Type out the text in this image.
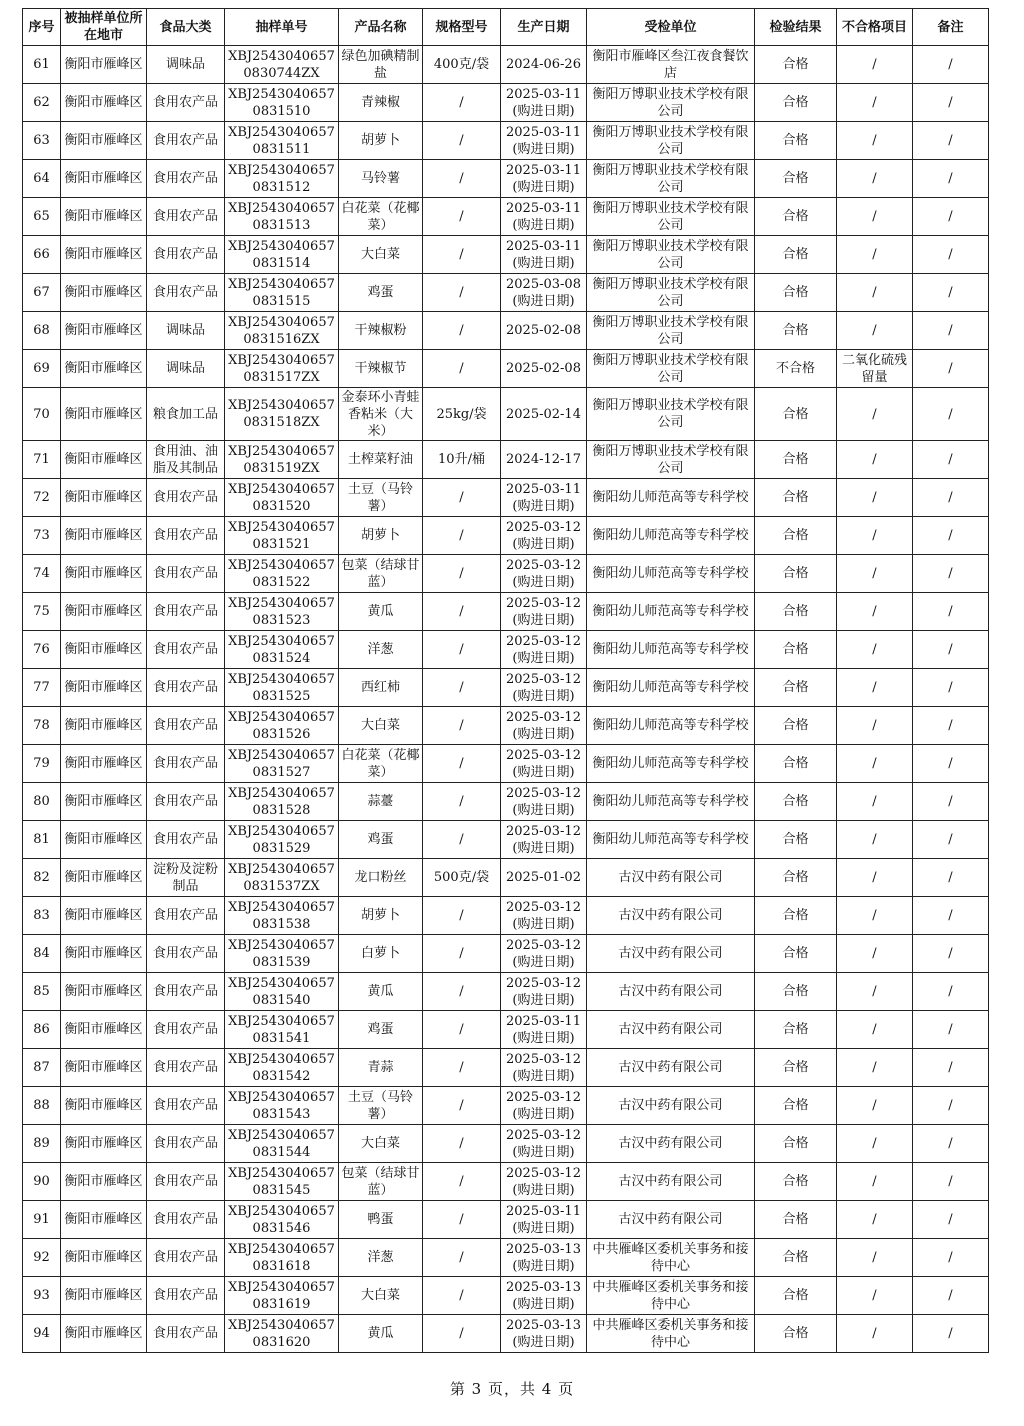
序号	被抽样单位所在地市	食品大类	抽样单号	产品名称	规格型号	生产日期	受检单位	检验结果	不合格项目	备注
61	衡阳市雁峰区	调味品	XBJ25430406570830744ZX	绿色加碘精制盐	400克/袋	2024-06-26	衡阳市雁峰区叁江夜食餐饮店	合格	/	/
62	衡阳市雁峰区	食用农产品	XBJ25430406570831510	青辣椒	/	2025-03-11(购进日期)	衡阳万博职业技术学校有限公司	合格	/	/
63	衡阳市雁峰区	食用农产品	XBJ25430406570831511	胡萝卜	/	2025-03-11(购进日期)	衡阳万博职业技术学校有限公司	合格	/	/
64	衡阳市雁峰区	食用农产品	XBJ25430406570831512	马铃薯	/	2025-03-11(购进日期)	衡阳万博职业技术学校有限公司	合格	/	/
65	衡阳市雁峰区	食用农产品	XBJ25430406570831513	白花菜（花椰菜）	/	2025-03-11(购进日期)	衡阳万博职业技术学校有限公司	合格	/	/
66	衡阳市雁峰区	食用农产品	XBJ25430406570831514	大白菜	/	2025-03-11(购进日期)	衡阳万博职业技术学校有限公司	合格	/	/
67	衡阳市雁峰区	食用农产品	XBJ25430406570831515	鸡蛋	/	2025-03-08(购进日期)	衡阳万博职业技术学校有限公司	合格	/	/
68	衡阳市雁峰区	调味品	XBJ25430406570831516ZX	干辣椒粉	/	2025-02-08	衡阳万博职业技术学校有限公司	合格	/	/
69	衡阳市雁峰区	调味品	XBJ25430406570831517ZX	干辣椒节	/	2025-02-08	衡阳万博职业技术学校有限公司	不合格	二氧化硫残留量	/
70	衡阳市雁峰区	粮食加工品	XBJ25430406570831518ZX	金泰环小青蛙香粘米（大米）	25kg/袋	2025-02-14	衡阳万博职业技术学校有限公司	合格	/	/
71	衡阳市雁峰区	食用油、油脂及其制品	XBJ25430406570831519ZX	土榨菜籽油	10升/桶	2024-12-17	衡阳万博职业技术学校有限公司	合格	/	/
72	衡阳市雁峰区	食用农产品	XBJ25430406570831520	土豆（马铃薯）	/	2025-03-11(购进日期)	衡阳幼儿师范高等专科学校	合格	/	/
73	衡阳市雁峰区	食用农产品	XBJ25430406570831521	胡萝卜	/	2025-03-12(购进日期)	衡阳幼儿师范高等专科学校	合格	/	/
74	衡阳市雁峰区	食用农产品	XBJ25430406570831522	包菜（结球甘蓝）	/	2025-03-12(购进日期)	衡阳幼儿师范高等专科学校	合格	/	/
75	衡阳市雁峰区	食用农产品	XBJ25430406570831523	黄瓜	/	2025-03-12(购进日期)	衡阳幼儿师范高等专科学校	合格	/	/
76	衡阳市雁峰区	食用农产品	XBJ25430406570831524	洋葱	/	2025-03-12(购进日期)	衡阳幼儿师范高等专科学校	合格	/	/
77	衡阳市雁峰区	食用农产品	XBJ25430406570831525	西红柿	/	2025-03-12(购进日期)	衡阳幼儿师范高等专科学校	合格	/	/
78	衡阳市雁峰区	食用农产品	XBJ25430406570831526	大白菜	/	2025-03-12(购进日期)	衡阳幼儿师范高等专科学校	合格	/	/
79	衡阳市雁峰区	食用农产品	XBJ25430406570831527	白花菜（花椰菜）	/	2025-03-12(购进日期)	衡阳幼儿师范高等专科学校	合格	/	/
80	衡阳市雁峰区	食用农产品	XBJ25430406570831528	蒜薹	/	2025-03-12(购进日期)	衡阳幼儿师范高等专科学校	合格	/	/
81	衡阳市雁峰区	食用农产品	XBJ25430406570831529	鸡蛋	/	2025-03-12(购进日期)	衡阳幼儿师范高等专科学校	合格	/	/
82	衡阳市雁峰区	淀粉及淀粉制品	XBJ25430406570831537ZX	龙口粉丝	500克/袋	2025-01-02	古汉中药有限公司	合格	/	/
83	衡阳市雁峰区	食用农产品	XBJ25430406570831538	胡萝卜	/	2025-03-12(购进日期)	古汉中药有限公司	合格	/	/
84	衡阳市雁峰区	食用农产品	XBJ25430406570831539	白萝卜	/	2025-03-12(购进日期)	古汉中药有限公司	合格	/	/
85	衡阳市雁峰区	食用农产品	XBJ25430406570831540	黄瓜	/	2025-03-12(购进日期)	古汉中药有限公司	合格	/	/
86	衡阳市雁峰区	食用农产品	XBJ25430406570831541	鸡蛋	/	2025-03-11(购进日期)	古汉中药有限公司	合格	/	/
87	衡阳市雁峰区	食用农产品	XBJ25430406570831542	青蒜	/	2025-03-12(购进日期)	古汉中药有限公司	合格	/	/
88	衡阳市雁峰区	食用农产品	XBJ25430406570831543	土豆（马铃薯）	/	2025-03-12(购进日期)	古汉中药有限公司	合格	/	/
89	衡阳市雁峰区	食用农产品	XBJ25430406570831544	大白菜	/	2025-03-12(购进日期)	古汉中药有限公司	合格	/	/
90	衡阳市雁峰区	食用农产品	XBJ25430406570831545	包菜（结球甘蓝）	/	2025-03-12(购进日期)	古汉中药有限公司	合格	/	/
91	衡阳市雁峰区	食用农产品	XBJ25430406570831546	鸭蛋	/	2025-03-11(购进日期)	古汉中药有限公司	合格	/	/
92	衡阳市雁峰区	食用农产品	XBJ25430406570831618	洋葱	/	2025-03-13(购进日期)	中共雁峰区委机关事务和接待中心	合格	/	/
93	衡阳市雁峰区	食用农产品	XBJ25430406570831619	大白菜	/	2025-03-13(购进日期)	中共雁峰区委机关事务和接待中心	合格	/	/
94	衡阳市雁峰区	食用农产品	XBJ25430406570831620	黄瓜	/	2025-03-13(购进日期)	中共雁峰区委机关事务和接待中心	合格	/	/
第 3 页，共 4 页
